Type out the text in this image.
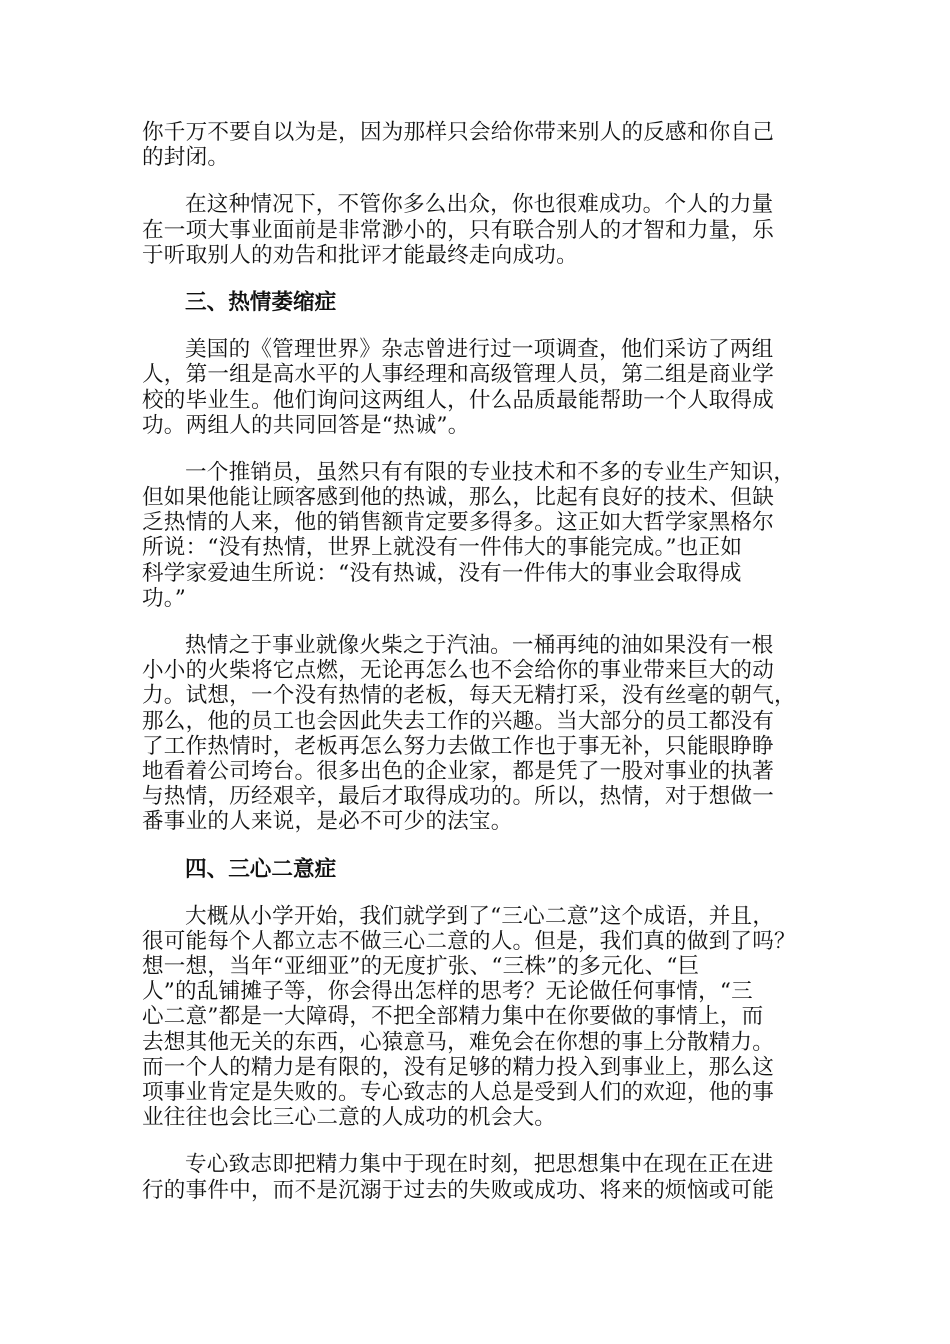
你千万不要自以为是，因为那样只会给你带来别人的反感和你自己
的封闭。
在这种情况下，不管你多么出众，你也很难成功。个人的力量
在一项大事业面前是非常渺小的，只有联合别人的才智和力量，乐
于听取别人的劝告和批评才能最终走向成功。
三、热情萎缩症
美国的《管理世界》杂志曾进行过一项调查，他们采访了两组
人，第一组是高水平的人事经理和高级管理人员，第二组是商业学
校的毕业生。他们询问这两组人，什么品质最能帮助一个人取得成
功。两组人的共同回答是“热诚”。
一个推销员，虽然只有有限的专业技术和不多的专业生产知识，
但如果他能让顾客感到他的热诚，那么，比起有良好的技术、但缺
乏热情的人来，他的销售额肯定要多得多。这正如大哲学家黑格尔
所说：“没有热情，世界上就没有一件伟大的事能完成。”也正如
科学家爱迪生所说：“没有热诚，没有一件伟大的事业会取得成
功。”
热情之于事业就像火柴之于汽油。一桶再纯的油如果没有一根
小小的火柴将它点燃，无论再怎么也不会给你的事业带来巨大的动
力。试想，一个没有热情的老板，每天无精打采，没有丝毫的朝气，
那么，他的员工也会因此失去工作的兴趣。当大部分的员工都没有
了工作热情时，老板再怎么努力去做工作也于事无补，只能眼睁睁
地看着公司垮台。很多出色的企业家，都是凭了一股对事业的执著
与热情，历经艰辛，最后才取得成功的。所以，热情，对于想做一
番事业的人来说，是必不可少的法宝。
四、三心二意症
大概从小学开始，我们就学到了“三心二意”这个成语，并且，
很可能每个人都立志不做三心二意的人。但是，我们真的做到了吗？
想一想，当年“亚细亚”的无度扩张、“三株”的多元化、“巨
人”的乱铺摊子等，你会得出怎样的思考？无论做任何事情，“三
心二意”都是一大障碍，不把全部精力集中在你要做的事情上，而
去想其他无关的东西，心猿意马，难免会在你想的事上分散精力。
而一个人的精力是有限的，没有足够的精力投入到事业上，那么这
项事业肯定是失败的。专心致志的人总是受到人们的欢迎，他的事
业往往也会比三心二意的人成功的机会大。
专心致志即把精力集中于现在时刻，把思想集中在现在正在进
行的事件中，而不是沉溺于过去的失败或成功、将来的烦恼或可能
